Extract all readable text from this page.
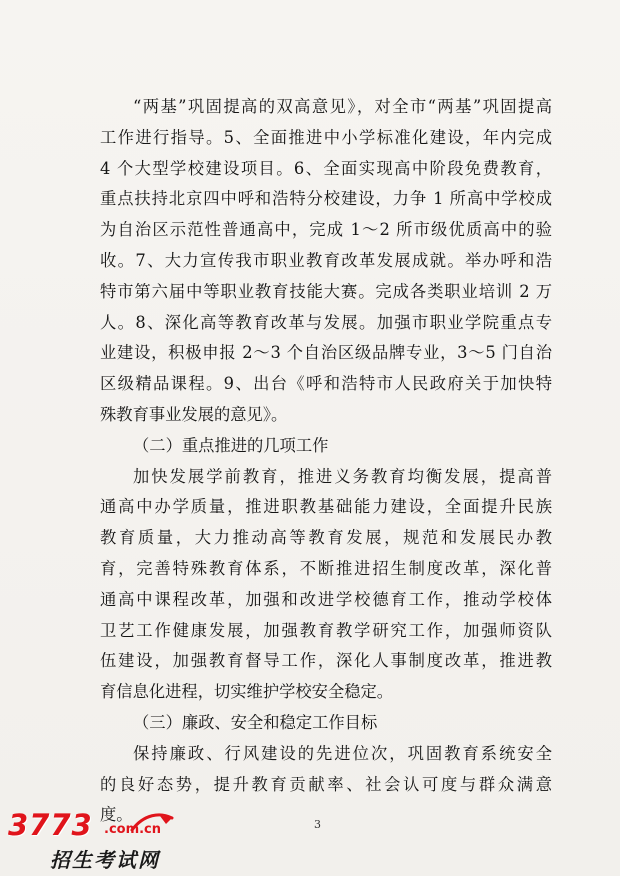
“两基”巩固提高的双高意见》，对全市“两基”巩固提高
工作进行指导。5、全面推进中小学标准化建设，年内完成
4 个大型学校建设项目。6、全面实现高中阶段免费教育，
重点扶持北京四中呼和浩特分校建设，力争 1 所高中学校成
为自治区示范性普通高中，完成 1～2 所市级优质高中的验
收。7、大力宣传我市职业教育改革发展成就。举办呼和浩
特市第六届中等职业教育技能大赛。完成各类职业培训 2 万
人。8、深化高等教育改革与发展。加强市职业学院重点专
业建设，积极申报 2～3 个自治区级品牌专业，3～5 门自治
区级精品课程。9、出台《呼和浩特市人民政府关于加快特
殊教育事业发展的意见》。
（二）重点推进的几项工作
加快发展学前教育，推进义务教育均衡发展，提高普
通高中办学质量，推进职教基础能力建设，全面提升民族
教育质量，大力推动高等教育发展，规范和发展民办教
育，完善特殊教育体系，不断推进招生制度改革，深化普
通高中课程改革，加强和改进学校德育工作，推动学校体
卫艺工作健康发展，加强教育教学研究工作，加强师资队
伍建设，加强教育督导工作，深化人事制度改革，推进教
育信息化进程，切实维护学校安全稳定。
（三）廉政、安全和稳定工作目标
保持廉政、行风建设的先进位次，巩固教育系统安全
的良好态势，提升教育贡献率、社会认可度与群众满意
度。
3
3773 .com.cn
招生考试网
